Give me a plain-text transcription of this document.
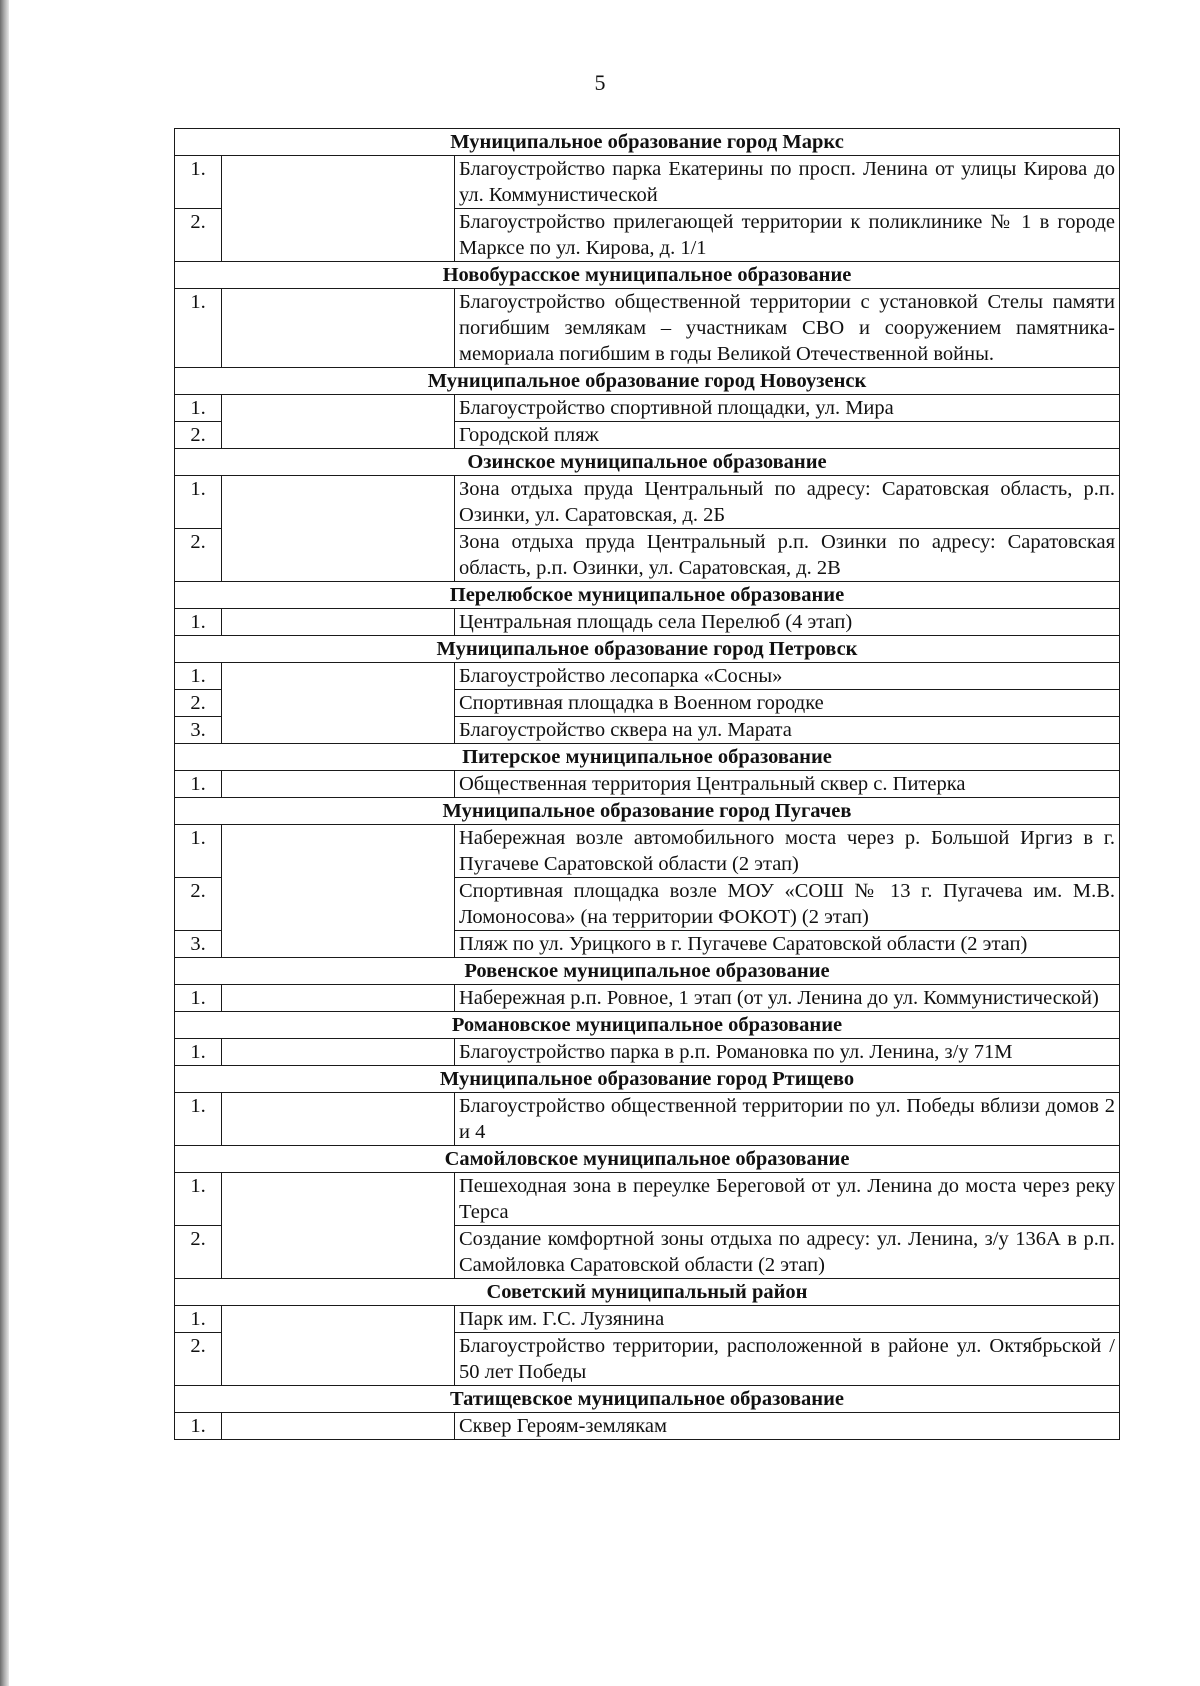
5
Муниципальное образование город Маркс		
1.		Благоустройство парка Екатерины по просп. Ленина от улицы Кирова до ул. Коммунистической
2.		Благоустройство прилегающей территории к поликлинике № 1 в городе Марксе по ул. Кирова, д. 1/1
Новобурасское муниципальное образование		
1.		Благоустройство общественной территории с установкой Стелы памяти погибшим землякам – участникам СВО и сооружением памятника-мемориала погибшим в годы Великой Отечественной войны.
Муниципальное образование город Новоузенск		
1.		Благоустройство спортивной площадки, ул. Мира
2.		Городской пляж
Озинское муниципальное образование		
1.		Зона отдыха пруда Центральный по адресу: Саратовская область, р.п. Озинки, ул. Саратовская, д. 2Б
2.		Зона отдыха пруда Центральный р.п. Озинки по адресу: Саратовская область, р.п. Озинки, ул. Саратовская, д. 2В
Перелюбское муниципальное образование		
1.		Центральная площадь села Перелюб (4 этап)
Муниципальное образование город Петровск		
1.		Благоустройство лесопарка «Сосны»
2.		Спортивная площадка в Военном городке
3.		Благоустройство сквера на ул. Марата
Питерское муниципальное образование		
1.		Общественная территория Центральный сквер с. Питерка
Муниципальное образование город Пугачев		
1.		Набережная возле автомобильного моста через р. Большой Иргиз в г. Пугачеве Саратовской области (2 этап)
2.		Спортивная площадка возле МОУ «СОШ № 13 г. Пугачева им. М.В. Ломоносова» (на территории ФОКОТ) (2 этап)
3.		Пляж по ул. Урицкого в г. Пугачеве Саратовской области (2 этап)
Ровенское муниципальное образование		
1.		Набережная р.п. Ровное, 1 этап (от ул. Ленина до ул. Коммунистической)
Романовское муниципальное образование		
1.		Благоустройство парка в р.п. Романовка по ул. Ленина, з/у 71М
Муниципальное образование город Ртищево		
1.		Благоустройство общественной территории по ул. Победы вблизи домов 2 и 4
Самойловское муниципальное образование		
1.		Пешеходная зона в переулке Береговой от ул. Ленина до моста через реку Терса
2.		Создание комфортной зоны отдыха по адресу: ул. Ленина, з/у 136А в р.п. Самойловка Саратовской области (2 этап)
Советский муниципальный район		
1.		Парк им. Г.С. Лузянина
2.		Благоустройство территории, расположенной в районе ул. Октябрьской / 50 лет Победы
Татищевское муниципальное образование		
1.		Сквер Героям-землякам
